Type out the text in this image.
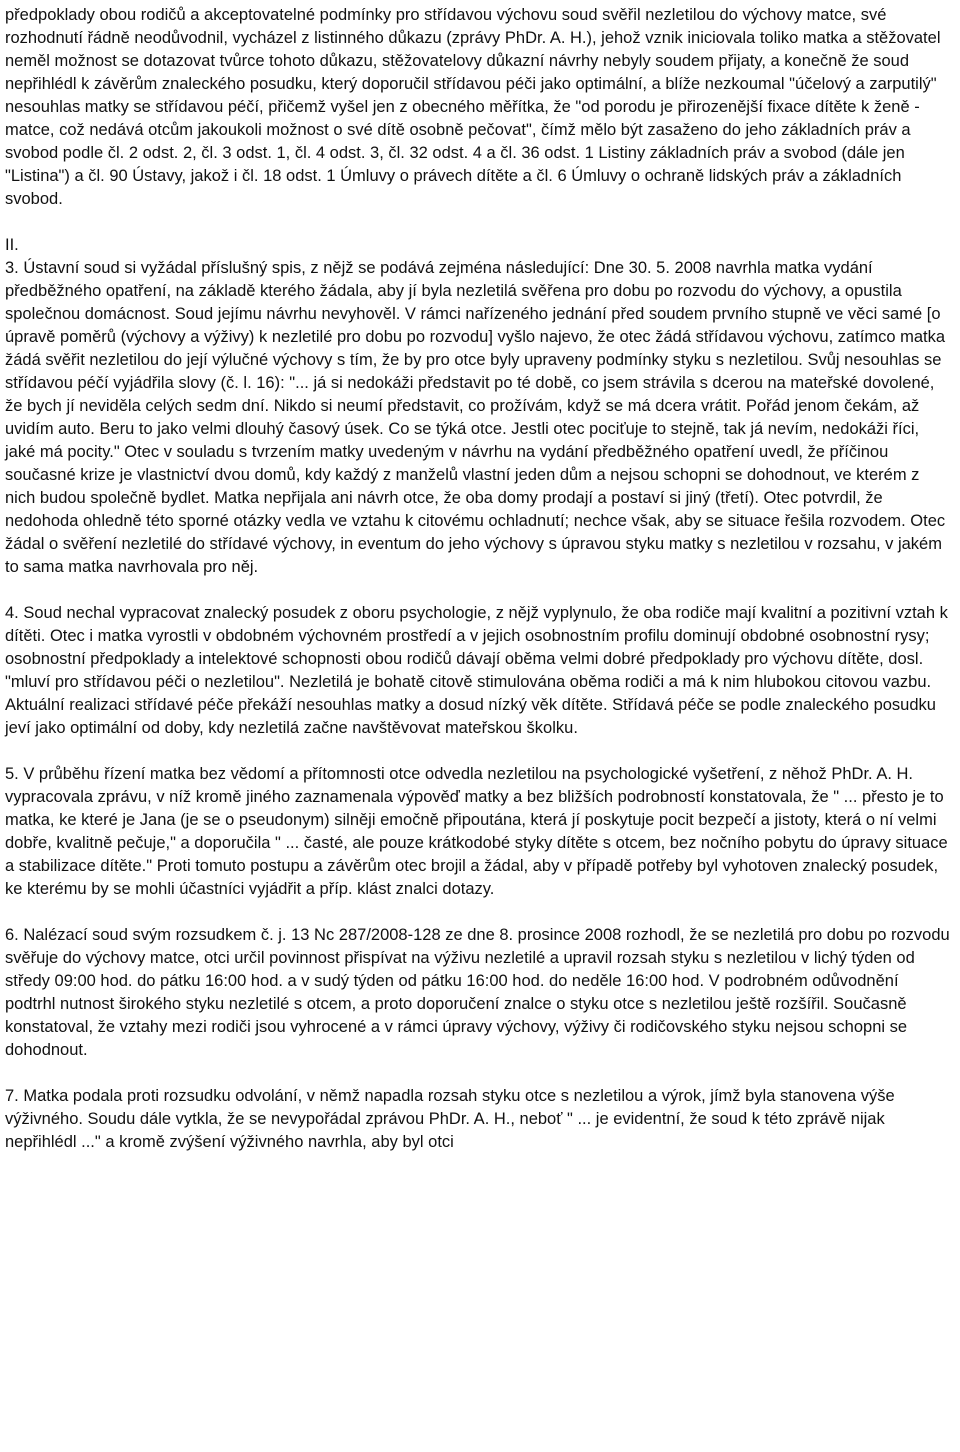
předpoklady obou rodičů a akceptovatelné podmínky pro střídavou výchovu soud svěřil nezletilou do výchovy matce, své rozhodnutí řádně neodůvodnil, vycházel z listinného důkazu (zprávy PhDr. A. H.), jehož vznik iniciovala toliko matka a stěžovatel neměl možnost se dotazovat tvůrce tohoto důkazu, stěžovatelovy důkazní návrhy nebyly soudem přijaty, a konečně že soud nepřihlédl k závěrům znaleckého posudku, který doporučil střídavou péči jako optimální, a blíže nezkoumal "účelový a zarputilý" nesouhlas matky se střídavou péčí, přičemž vyšel jen z obecného měřítka, že "od porodu je přirozenější fixace dítěte k ženě - matce, což nedává otcům jakoukoli možnost o své dítě osobně pečovat", čímž mělo být zasaženo do jeho základních práv a svobod podle čl. 2 odst. 2, čl. 3 odst. 1, čl. 4 odst. 3, čl. 32 odst. 4 a čl. 36 odst. 1 Listiny základních práv a svobod (dále jen "Listina") a čl. 90 Ústavy, jakož i čl. 18 odst. 1 Úmluvy o právech dítěte a čl. 6 Úmluvy o ochraně lidských práv a základních svobod.

II.

3. Ústavní soud si vyžádal příslušný spis, z nějž se podává zejména následující: Dne 30. 5. 2008 navrhla matka vydání předběžného opatření, na základě kterého žádala, aby jí byla nezletilá svěřena pro dobu po rozvodu do výchovy, a opustila společnou domácnost. Soud jejímu návrhu nevyhověl. V rámci nařízeného jednání před soudem prvního stupně ve věci samé [o úpravě poměrů (výchovy a výživy) k nezletilé pro dobu po rozvodu] vyšlo najevo, že otec žádá střídavou výchovu, zatímco matka žádá svěřit nezletilou do její výlučné výchovy s tím, že by pro otce byly upraveny podmínky styku s nezletilou. Svůj nesouhlas se střídavou péčí vyjádřila slovy (č. l. 16): "... já si nedokáži představit po té době, co jsem strávila s dcerou na mateřské dovolené, že bych jí neviděla celých sedm dní. Nikdo si neumí představit, co prožívám, když se má dcera vrátit. Pořád jenom čekám, až uvidím auto. Beru to jako velmi dlouhý časový úsek. Co se týká otce. Jestli otec pociťuje to stejně, tak já nevím, nedokáži říci, jaké má pocity." Otec v souladu s tvrzením matky uvedeným v návrhu na vydání předběžného opatření uvedl, že příčinou současné krize je vlastnictví dvou domů, kdy každý z manželů vlastní jeden dům a nejsou schopni se dohodnout, ve kterém z nich budou společně bydlet. Matka nepřijala ani návrh otce, že oba domy prodají a postaví si jiný (třetí). Otec potvrdil, že nedohoda ohledně této sporné otázky vedla ve vztahu k citovému ochladnutí; nechce však, aby se situace řešila rozvodem. Otec žádal o svěření nezletilé do střídavé výchovy, in eventum do jeho výchovy s úpravou styku matky s nezletilou v rozsahu, v jakém to sama matka navrhovala pro něj.

4. Soud nechal vypracovat znalecký posudek z oboru psychologie, z nějž vyplynulo, že oba rodiče mají kvalitní a pozitivní vztah k dítěti. Otec i matka vyrostli v obdobném výchovném prostředí a v jejich osobnostním profilu dominují obdobné osobnostní rysy; osobnostní předpoklady a intelektové schopnosti obou rodičů dávají oběma velmi dobré předpoklady pro výchovu dítěte, dosl. "mluví pro střídavou péči o nezletilou". Nezletilá je bohatě citově stimulována oběma rodiči a má k nim hlubokou citovou vazbu. Aktuální realizaci střídavé péče překáží nesouhlas matky a dosud nízký věk dítěte. Střídavá péče se podle znaleckého posudku jeví jako optimální od doby, kdy nezletilá začne navštěvovat mateřskou školku.

5. V průběhu řízení matka bez vědomí a přítomnosti otce odvedla nezletilou na psychologické vyšetření, z něhož PhDr. A. H. vypracovala zprávu, v níž kromě jiného zaznamenala výpověď matky a bez bližších podrobností konstatovala, že " ... přesto je to matka, ke které je Jana (je se o pseudonym) silněji emočně připoutána, která jí poskytuje pocit bezpečí a jistoty, která o ní velmi dobře, kvalitně pečuje," a doporučila " ... časté, ale pouze krátkodobé styky dítěte s otcem, bez nočního pobytu do úpravy situace a stabilizace dítěte." Proti tomuto postupu a závěrům otec brojil a žádal, aby v případě potřeby byl vyhotoven znalecký posudek, ke kterému by se mohli účastníci vyjádřit a příp. klást znalci dotazy.

6. Nalézací soud svým rozsudkem č. j. 13 Nc 287/2008-128 ze dne 8. prosince 2008 rozhodl, že se nezletilá pro dobu po rozvodu svěřuje do výchovy matce, otci určil povinnost přispívat na výživu nezletilé a upravil rozsah styku s nezletilou v lichý týden od středy 09:00 hod. do pátku 16:00 hod. a v sudý týden od pátku 16:00 hod. do neděle 16:00 hod. V podrobném odůvodnění podtrhl nutnost širokého styku nezletilé s otcem, a proto doporučení znalce o styku otce s nezletilou ještě rozšířil. Současně konstatoval, že vztahy mezi rodiči jsou vyhrocené a v rámci úpravy výchovy, výživy či rodičovského styku nejsou schopni se dohodnout.

7. Matka podala proti rozsudku odvolání, v němž napadla rozsah styku otce s nezletilou a výrok, jímž byla stanovena výše výživného. Soudu dále vytkla, že se nevypořádal zprávou PhDr. A. H., neboť " ... je evidentní, že soud k této zprávě nijak nepřihlédl ..." a kromě zvýšení výživného navrhla, aby byl otci
